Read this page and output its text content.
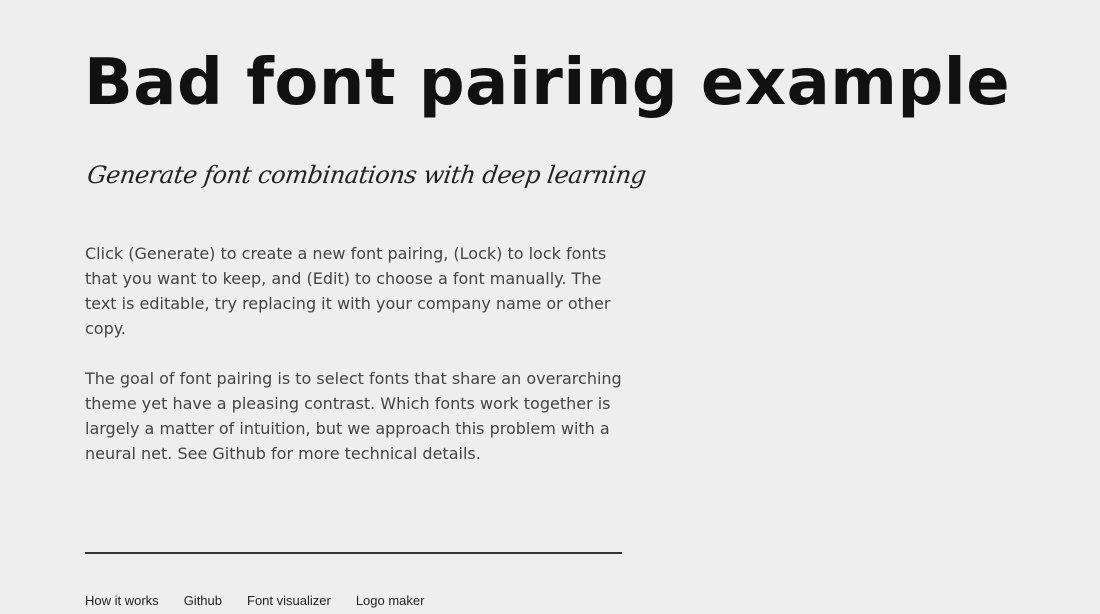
Bad font pairing example
Generate font combinations with deep learning

Click (Generate) to create a new font pairing, (Lock) to lock fonts that you want to keep, and (Edit) to choose a font manually. The text is editable, try replacing it with your company name or other copy.

The goal of font pairing is to select fonts that share an overarching theme yet have a pleasing contrast. Which fonts work together is largely a matter of intuition, but we approach this problem with a neural net. See Github for more technical details.

How it works Github Font visualizer Logo maker
